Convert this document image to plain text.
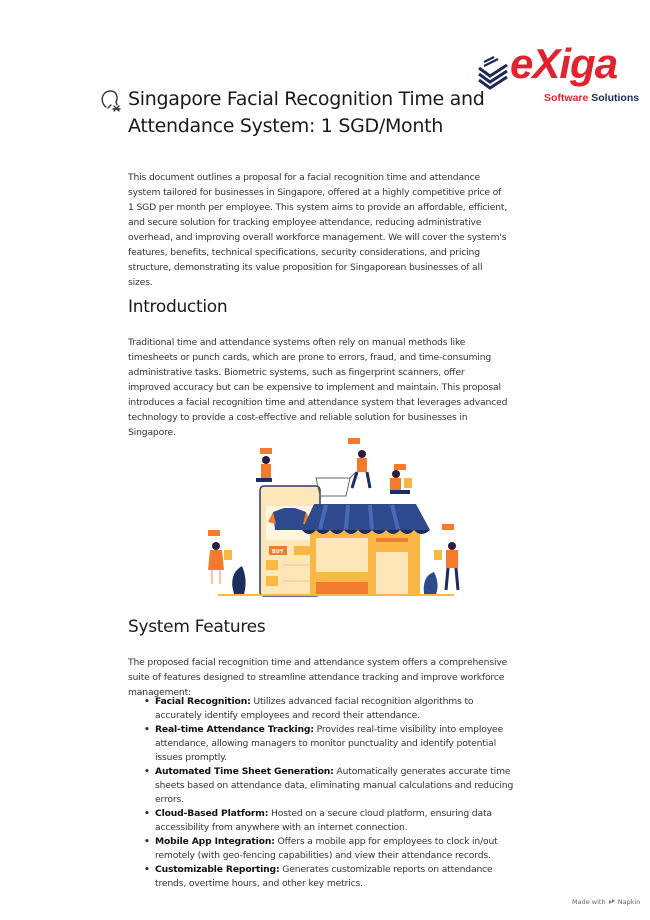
eXiga
Software Solutions
Singapore Facial Recognition Time and Attendance System: 1 SGD/Month

This document outlines a proposal for a facial recognition time and attendance system tailored for businesses in Singapore, offered at a highly competitive price of 1 SGD per month per employee. This system aims to provide an affordable, efficient, and secure solution for tracking employee attendance, reducing administrative overhead, and improving overall workforce management. We will cover the system's features, benefits, technical specifications, security considerations, and pricing structure, demonstrating its value proposition for Singaporean businesses of all sizes.

Introduction

Traditional time and attendance systems often rely on manual methods like timesheets or punch cards, which are prone to errors, fraud, and time-consuming administrative tasks. Biometric systems, such as fingerprint scanners, offer improved accuracy but can be expensive to implement and maintain. This proposal introduces a facial recognition time and attendance system that leverages advanced technology to provide a cost-effective and reliable solution for businesses in Singapore.

BUY
System Features

The proposed facial recognition time and attendance system offers a comprehensive suite of features designed to streamline attendance tracking and improve workforce management:

• Facial Recognition: Utilizes advanced facial recognition algorithms to accurately identify employees and record their attendance.
• Real-time Attendance Tracking: Provides real-time visibility into employee attendance, allowing managers to monitor punctuality and identify potential issues promptly.
• Automated Time Sheet Generation: Automatically generates accurate time sheets based on attendance data, eliminating manual calculations and reducing errors.
• Cloud-Based Platform: Hosted on a secure cloud platform, ensuring data accessibility from anywhere with an internet connection.
• Mobile App Integration: Offers a mobile app for employees to clock in/out remotely (with geo-fencing capabilities) and view their attendance records.
• Customizable Reporting: Generates customizable reports on attendance trends, overtime hours, and other key metrics.
Made with Napkin
